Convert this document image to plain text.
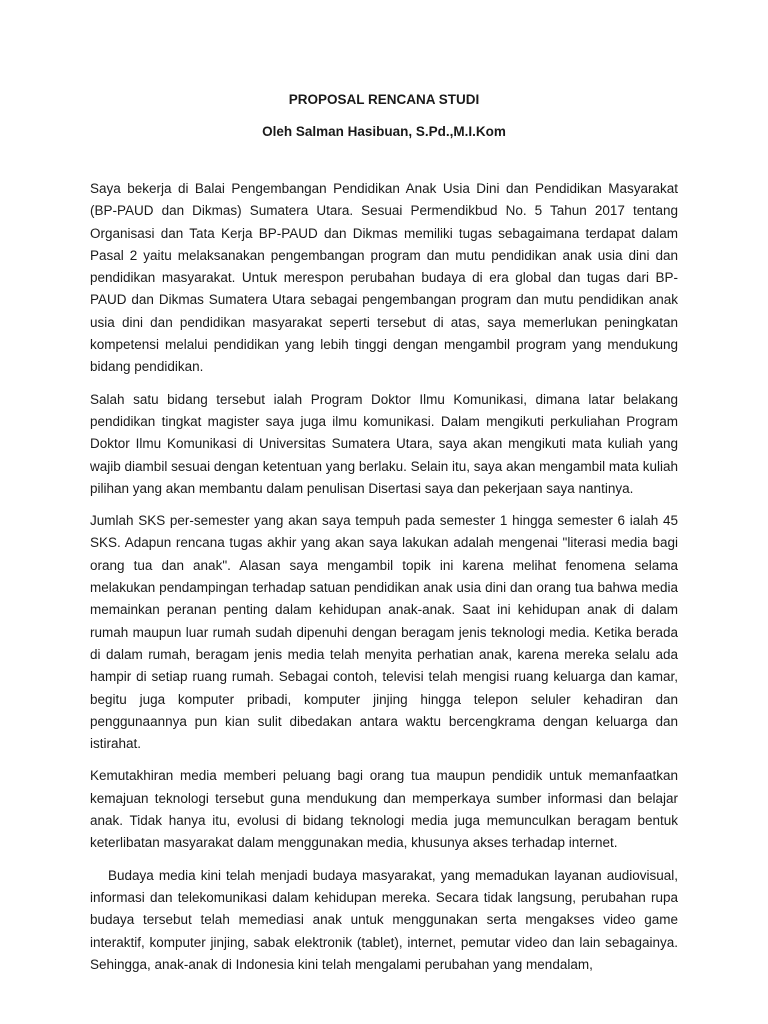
PROPOSAL RENCANA STUDI
Oleh Salman Hasibuan, S.Pd.,M.I.Kom

Saya bekerja di Balai Pengembangan Pendidikan Anak Usia Dini dan Pendidikan Masyarakat (BP-PAUD dan Dikmas) Sumatera Utara. Sesuai Permendikbud No. 5 Tahun 2017 tentang Organisasi dan Tata Kerja BP-PAUD dan Dikmas memiliki tugas sebagaimana terdapat dalam Pasal 2 yaitu melaksanakan pengembangan program dan mutu pendidikan anak usia dini dan pendidikan masyarakat. Untuk merespon perubahan budaya di era global dan tugas dari BP-PAUD dan Dikmas Sumatera Utara sebagai pengembangan program dan mutu pendidikan anak usia dini dan pendidikan masyarakat seperti tersebut di atas, saya memerlukan peningkatan kompetensi melalui pendidikan yang lebih tinggi dengan mengambil program yang mendukung bidang pendidikan.

Salah satu bidang tersebut ialah Program Doktor Ilmu Komunikasi, dimana latar belakang pendidikan tingkat magister saya juga ilmu komunikasi. Dalam mengikuti perkuliahan Program Doktor Ilmu Komunikasi di Universitas Sumatera Utara, saya akan mengikuti mata kuliah yang wajib diambil sesuai dengan ketentuan yang berlaku. Selain itu, saya akan mengambil mata kuliah pilihan yang akan membantu dalam penulisan Disertasi saya dan pekerjaan saya nantinya.

Jumlah SKS per-semester yang akan saya tempuh pada semester 1 hingga semester 6 ialah 45 SKS. Adapun rencana tugas akhir yang akan saya lakukan adalah mengenai "literasi media bagi orang tua dan anak". Alasan saya mengambil topik ini karena melihat fenomena selama melakukan pendampingan terhadap satuan pendidikan anak usia dini dan orang tua bahwa media memainkan peranan penting dalam kehidupan anak-anak. Saat ini kehidupan anak di dalam rumah maupun luar rumah sudah dipenuhi dengan beragam jenis teknologi media. Ketika berada di dalam rumah, beragam jenis media telah menyita perhatian anak, karena mereka selalu ada hampir di setiap ruang rumah. Sebagai contoh, televisi telah mengisi ruang keluarga dan kamar, begitu juga komputer pribadi, komputer jinjing hingga telepon seluler kehadiran dan penggunaannya pun kian sulit dibedakan antara waktu bercengkrama dengan keluarga dan istirahat.

Kemutakhiran media memberi peluang bagi orang tua maupun pendidik untuk memanfaatkan kemajuan teknologi tersebut guna mendukung dan memperkaya sumber informasi dan belajar anak. Tidak hanya itu, evolusi di bidang teknologi media juga memunculkan beragam bentuk keterlibatan masyarakat dalam menggunakan media, khusunya akses terhadap internet.

Budaya media kini telah menjadi budaya masyarakat, yang memadukan layanan audiovisual, informasi dan telekomunikasi dalam kehidupan mereka. Secara tidak langsung, perubahan rupa budaya tersebut telah memediasi anak untuk menggunakan serta mengakses video game interaktif, komputer jinjing, sabak elektronik (tablet), internet, pemutar video dan lain sebagainya. Sehingga, anak-anak di Indonesia kini telah mengalami perubahan yang mendalam,
